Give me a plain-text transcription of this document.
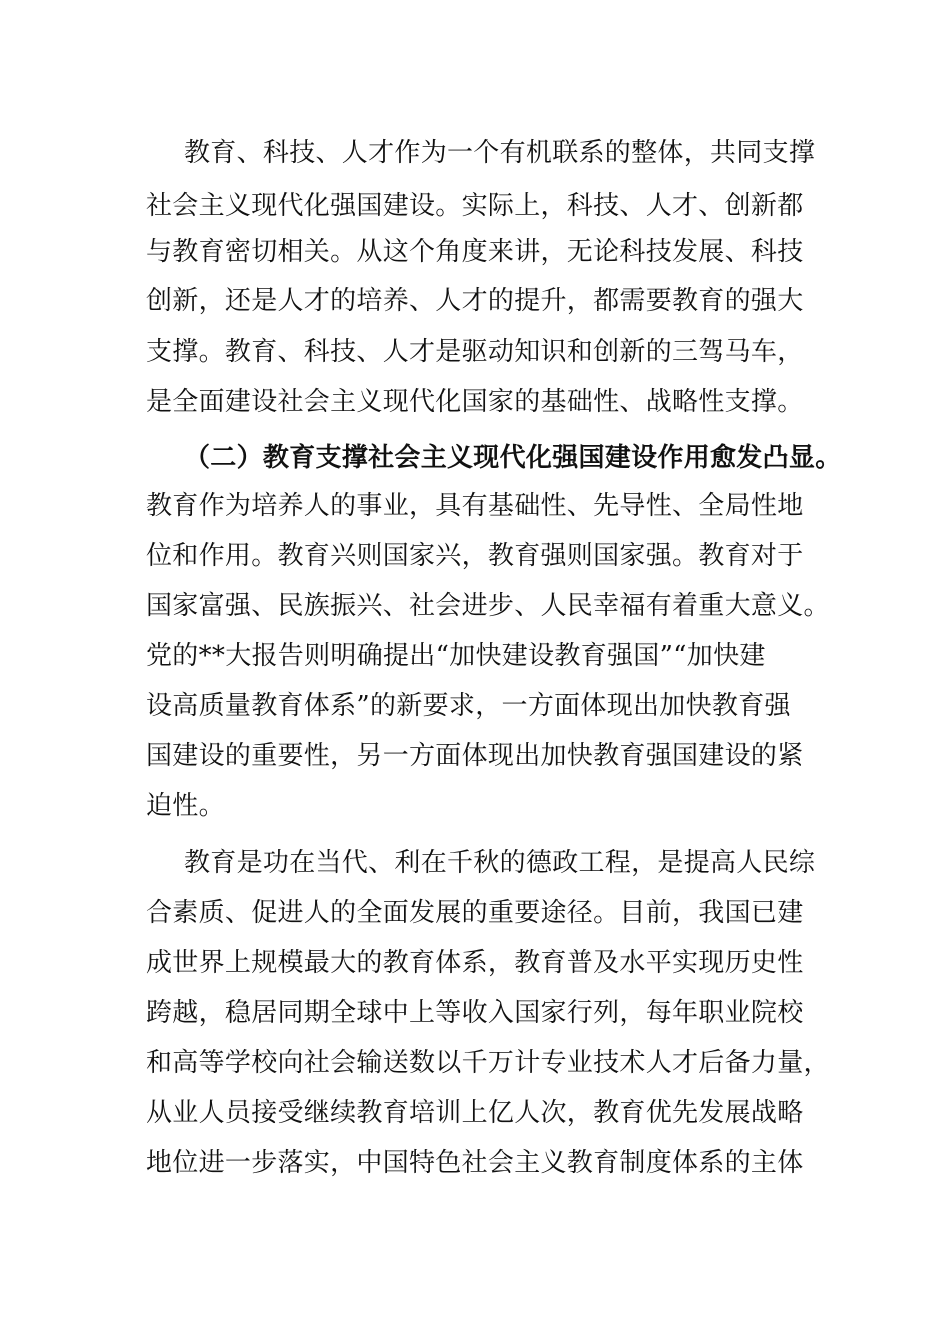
教育、科技、人才作为一个有机联系的整体，共同支撑
社会主义现代化强国建设。实际上，科技、人才、创新都
与教育密切相关。从这个角度来讲，无论科技发展、科技
创新，还是人才的培养、人才的提升，都需要教育的强大
支撑。教育、科技、人才是驱动知识和创新的三驾马车，
是全面建设社会主义现代化国家的基础性、战略性支撑。
（二）教育支撑社会主义现代化强国建设作用愈发凸显。
教育作为培养人的事业，具有基础性、先导性、全局性地
位和作用。教育兴则国家兴，教育强则国家强。教育对于
国家富强、民族振兴、社会进步、人民幸福有着重大意义。
党的**大报告则明确提出“加快建设教育强国”“加快建
设高质量教育体系”的新要求，一方面体现出加快教育强
国建设的重要性，另一方面体现出加快教育强国建设的紧
迫性。
教育是功在当代、利在千秋的德政工程，是提高人民综
合素质、促进人的全面发展的重要途径。目前，我国已建
成世界上规模最大的教育体系，教育普及水平实现历史性
跨越，稳居同期全球中上等收入国家行列，每年职业院校
和高等学校向社会输送数以千万计专业技术人才后备力量，
从业人员接受继续教育培训上亿人次，教育优先发展战略
地位进一步落实，中国特色社会主义教育制度体系的主体
